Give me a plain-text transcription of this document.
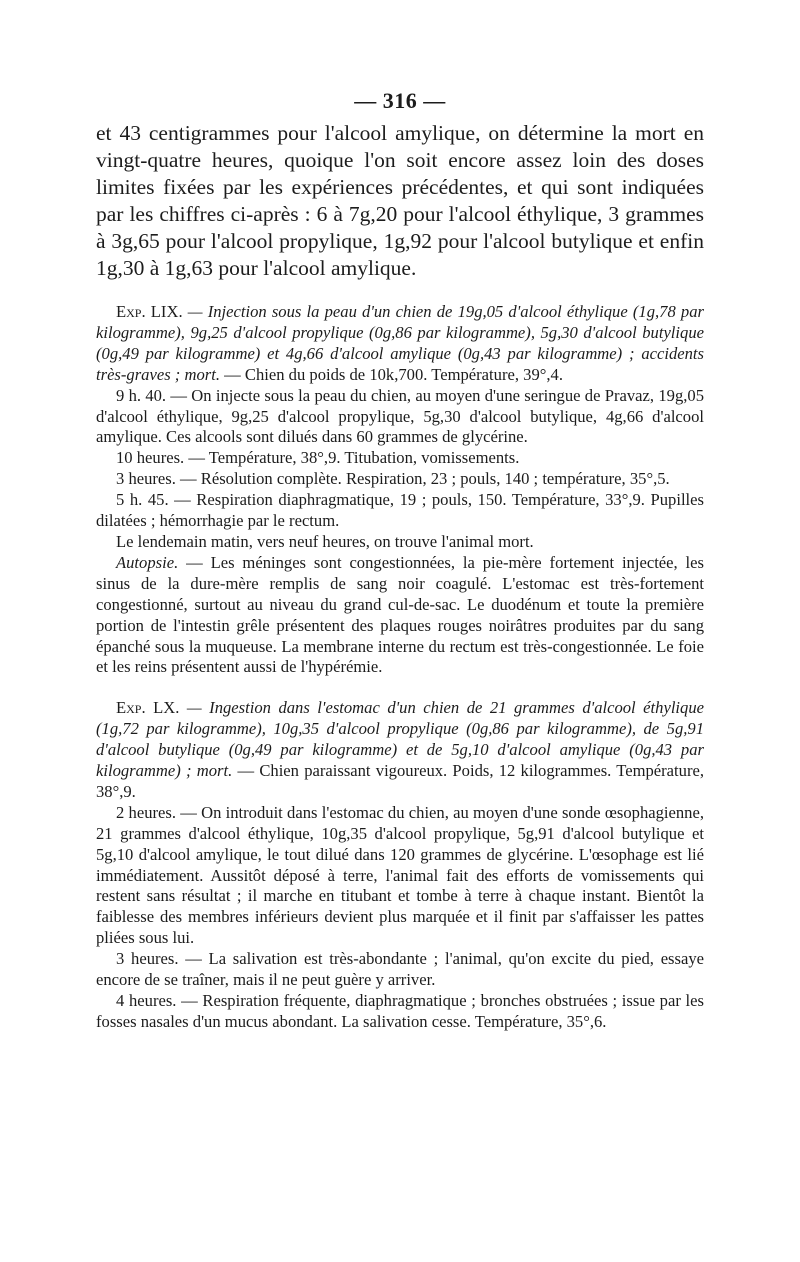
— 316 —

et 43 centigrammes pour l'alcool amylique, on détermine la mort en vingt-quatre heures, quoique l'on soit encore assez loin des doses limites fixées par les expériences précédentes, et qui sont indiquées par les chiffres ci-après : 6 à 7g,20 pour l'alcool éthylique, 3 grammes à 3g,65 pour l'alcool propylique, 1g,92 pour l'alcool butylique et enfin 1g,30 à 1g,63 pour l'alcool amylique.

Exp. LIX. — Injection sous la peau d'un chien de 19g,05 d'alcool éthylique (1g,78 par kilogramme), 9g,25 d'alcool propylique (0g,86 par kilogramme), 5g,30 d'alcool butylique (0g,49 par kilogramme) et 4g,66 d'alcool amylique (0g,43 par kilogramme) ; accidents très-graves ; mort. — Chien du poids de 10k,700. Température, 39°,4.

9 h. 40. — On injecte sous la peau du chien, au moyen d'une seringue de Pravaz, 19g,05 d'alcool éthylique, 9g,25 d'alcool propylique, 5g,30 d'alcool butylique, 4g,66 d'alcool amylique. Ces alcools sont dilués dans 60 grammes de glycérine.

10 heures. — Température, 38°,9. Titubation, vomissements.

3 heures. — Résolution complète. Respiration, 23 ; pouls, 140 ; température, 35°,5.

5 h. 45. — Respiration diaphragmatique, 19 ; pouls, 150. Température, 33°,9. Pupilles dilatées ; hémorrhagie par le rectum.

Le lendemain matin, vers neuf heures, on trouve l'animal mort.

Autopsie. — Les méninges sont congestionnées, la pie-mère fortement injectée, les sinus de la dure-mère remplis de sang noir coagulé. L'estomac est très-fortement congestionné, surtout au niveau du grand cul-de-sac. Le duodénum et toute la première portion de l'intestin grêle présentent des plaques rouges noirâtres produites par du sang épanché sous la muqueuse. La membrane interne du rectum est très-congestionnée. Le foie et les reins présentent aussi de l'hypérémie.

Exp. LX. — Ingestion dans l'estomac d'un chien de 21 grammes d'alcool éthylique (1g,72 par kilogramme), 10g,35 d'alcool propylique (0g,86 par kilogramme), de 5g,91 d'alcool butylique (0g,49 par kilogramme) et de 5g,10 d'alcool amylique (0g,43 par kilogramme) ; mort. — Chien paraissant vigoureux. Poids, 12 kilogrammes. Température, 38°,9.

2 heures. — On introduit dans l'estomac du chien, au moyen d'une sonde œsophagienne, 21 grammes d'alcool éthylique, 10g,35 d'alcool propylique, 5g,91 d'alcool butylique et 5g,10 d'alcool amylique, le tout dilué dans 120 grammes de glycérine. L'œsophage est lié immédiatement. Aussitôt déposé à terre, l'animal fait des efforts de vomissements qui restent sans résultat ; il marche en titubant et tombe à terre à chaque instant. Bientôt la faiblesse des membres inférieurs devient plus marquée et il finit par s'affaisser les pattes pliées sous lui.

3 heures. — La salivation est très-abondante ; l'animal, qu'on excite du pied, essaye encore de se traîner, mais il ne peut guère y arriver.

4 heures. — Respiration fréquente, diaphragmatique ; bronches obstruées ; issue par les fosses nasales d'un mucus abondant. La salivation cesse. Température, 35°,6.
